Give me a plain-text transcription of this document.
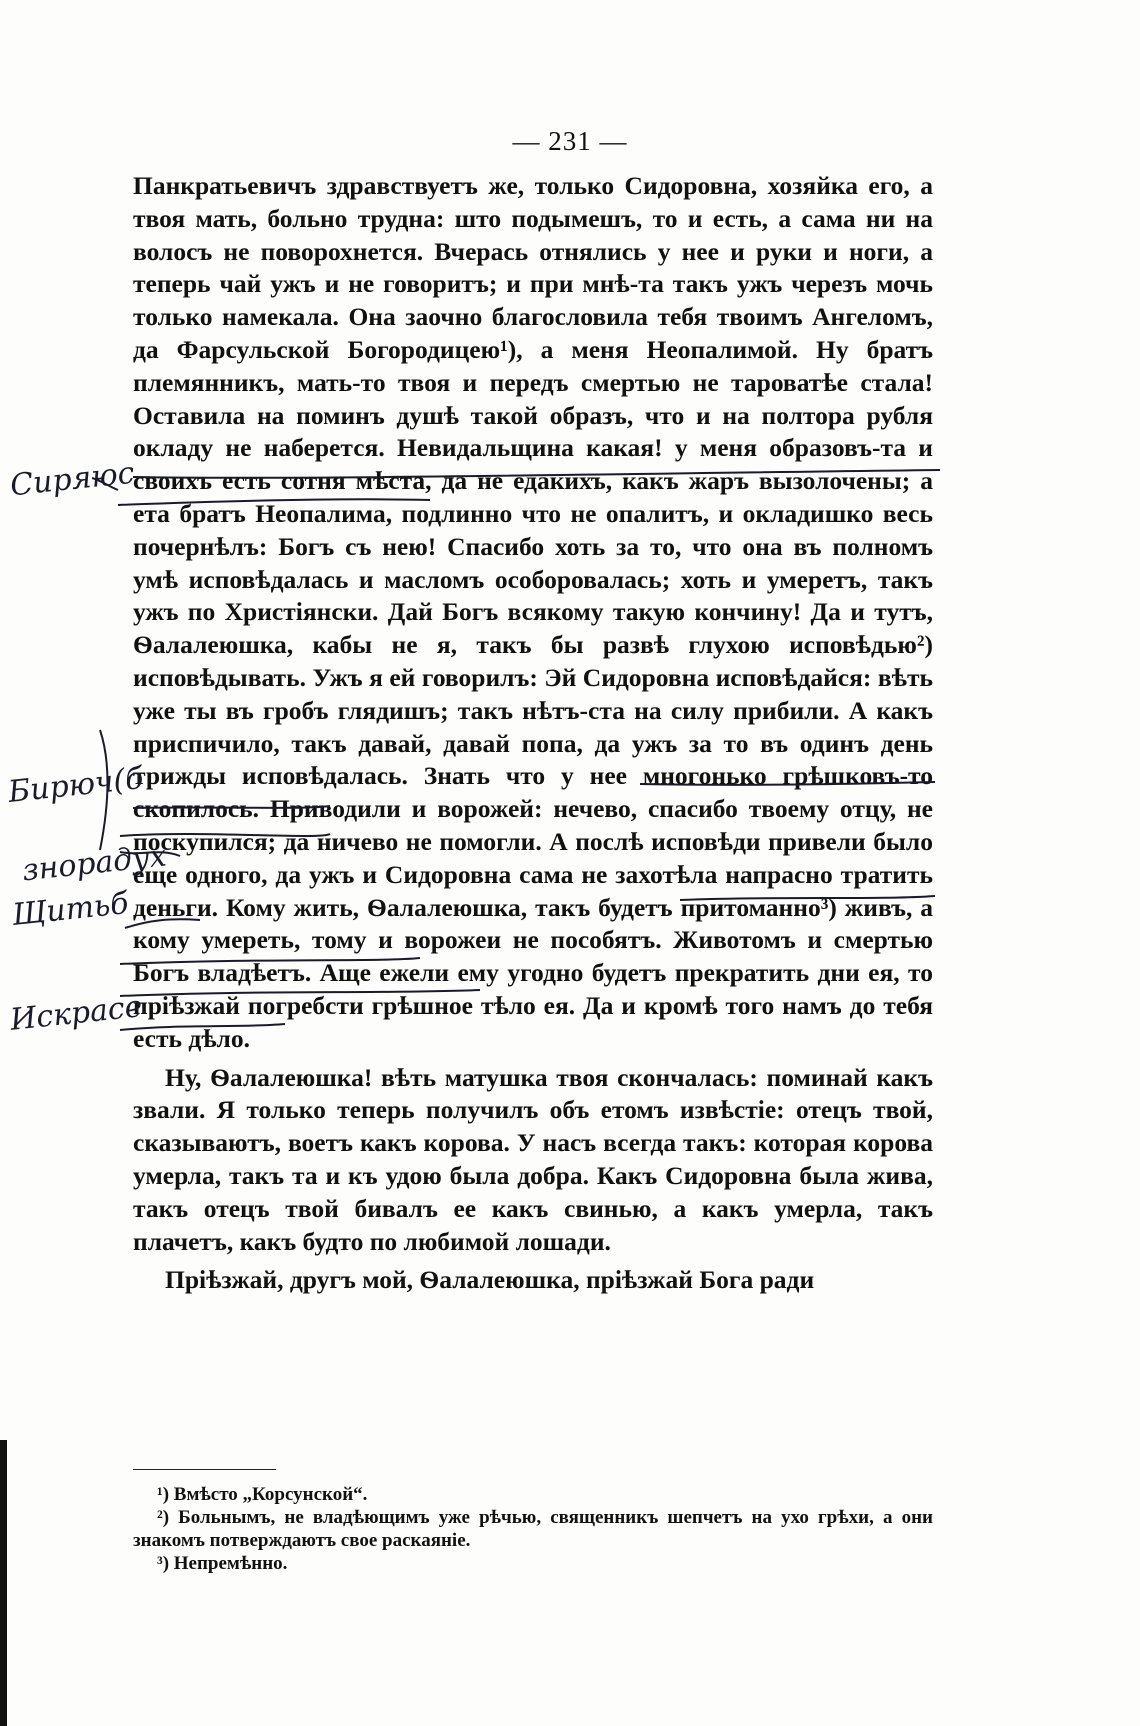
— 231 —

Панкратьевичъ здравствуетъ же, только Сидоровна, хозяйка его, а твоя мать, больно трудна: што подымешъ, то и есть, а сама ни на волосъ не поворохнется. Вчерась отнялись у нее и руки и ноги, а теперь чай ужъ и не говоритъ; и при мнѣ-та такъ ужъ черезъ мочь только намекала. Она заочно благословила тебя твоимъ Ангеломъ, да Фарсульской Богородицею¹), а меня Неопалимой. Ну братъ племянникъ, мать-то твоя и передъ смертью не тароватѣе стала! Оставила на поминъ душѣ такой образъ, что и на полтора рубля окладу не наберется. Невидальщина какая! у меня образовъ-та и своихъ есть сотня мѣста, да не едакихъ, какъ жаръ вызолочены; а ета братъ Неопалима, подлинно что не опалитъ, и окладишко весь почернѣлъ: Богъ съ нею! Спасибо хоть за то, что она въ полномъ умѣ исповѣдалась и масломъ особоровалась; хоть и умеретъ, такъ ужъ по Христіянски. Дай Богъ всякому такую кончину! Да и тутъ, Ѳалалеюшка, кабы не я, такъ бы развѣ глухою исповѣдью²) исповѣдывать. Ужъ я ей говорилъ: Эй Сидоровна исповѣдайся: вѣть уже ты въ гробъ глядишъ; такъ нѣтъ-ста на силу прибили. А какъ приспичило, такъ давай, давай попа, да ужъ за то въ одинъ день трижды исповѣдалась. Знать что у нее многонько грѣшковъ-то скопилось. Приводили и ворожей: нечево, спасибо твоему отцу, не поскупился; да ничево не помогли. А послѣ исповѣди привели было еще одного, да ужъ и Сидоровна сама не захотѣла напрасно тратить деньги. Кому жить, Ѳалалеюшка, такъ будетъ притоманно³) живъ, а кому умереть, тому и ворожеи не пособятъ. Животомъ и смертью Богъ владѣетъ. Аще ежели ему угодно будетъ прекратить дни ея, то пріѣзжай погребсти грѣшное тѣло ея. Да и кромѣ того намъ до тебя есть дѣло.

Ну, Ѳалалеюшка! вѣть матушка твоя скончалась: поминай какъ звали. Я только теперь получилъ объ етомъ извѣстіе: отецъ твой, сказываютъ, воетъ какъ корова. У насъ всегда такъ: которая корова умерла, такъ та и къ удою была добра. Какъ Сидоровна была жива, такъ отецъ твой бивалъ ее какъ свинью, а какъ умерла, такъ плачетъ, какъ будто по любимой лошади.

Пріѣзжай, другъ мой, Ѳалалеюшка, пріѣзжай Бога ради

¹) Вмѣсто „Корсунской“.

²) Больнымъ, не владѣющимъ уже рѣчью, священникъ шепчетъ на ухо грѣхи, а они знакомъ потверждаютъ свое раскаяніе.

³) Непремѣнно.

Сиряюс
Бирюч(б
знорадух
Щитьб
Искрасе
